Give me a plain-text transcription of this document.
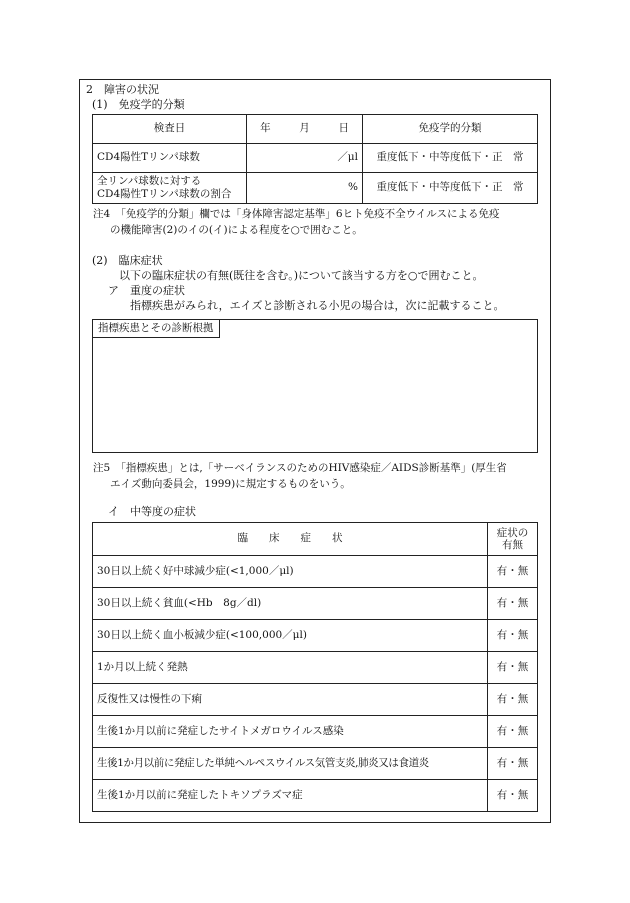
2　障害の状況
(1)　免疫学的分類
検査日	年 月 日	免疫学的分類
CD4陽性Tリンパ球数	／μl	重度低下・中等度低下・正　常

全リンパ球数に対する
CD4陽性Tリンパ球数の割合	%	重度低下・中等度低下・正　常
注4　 「免疫学的分類」欄では「身体障害認定基準」6ヒト免疫不全ウイルスによる免疫
の機能障害(2)のイの(イ)による程度を○で囲むこと。
(2)　臨床症状
以下の臨床症状の有無(既往を含む。)について該当する方を○で囲むこと。
ア　重度の症状
指標疾患がみられ，エイズと診断される小児の場合は，次に記載すること。
指標疾患とその診断根拠
注5　 「指標疾患」とは,「サーベイランスのためのHIV感染症／AIDS診断基準」(厚生省
エイズ動向委員会，1999)に規定するものをいう。
イ　中等度の症状
臨　　床　　症　　状	症状の
有無

30日以上続く好中球減少症(<1,000／μl)	有・無
30日以上続く貧血(<Hb　8g／dl)	有・無
30日以上続く血小板減少症(<100,000／μl)	有・無
1か月以上続く発熱	有・無
反復性又は慢性の下痢	有・無
生後1か月以前に発症したサイトメガロウイルス感染	有・無
生後1か月以前に発症した単純ヘルペスウイルス気管支炎,肺炎又は食道炎	有・無
生後1か月以前に発症したトキソプラズマ症	有・無
